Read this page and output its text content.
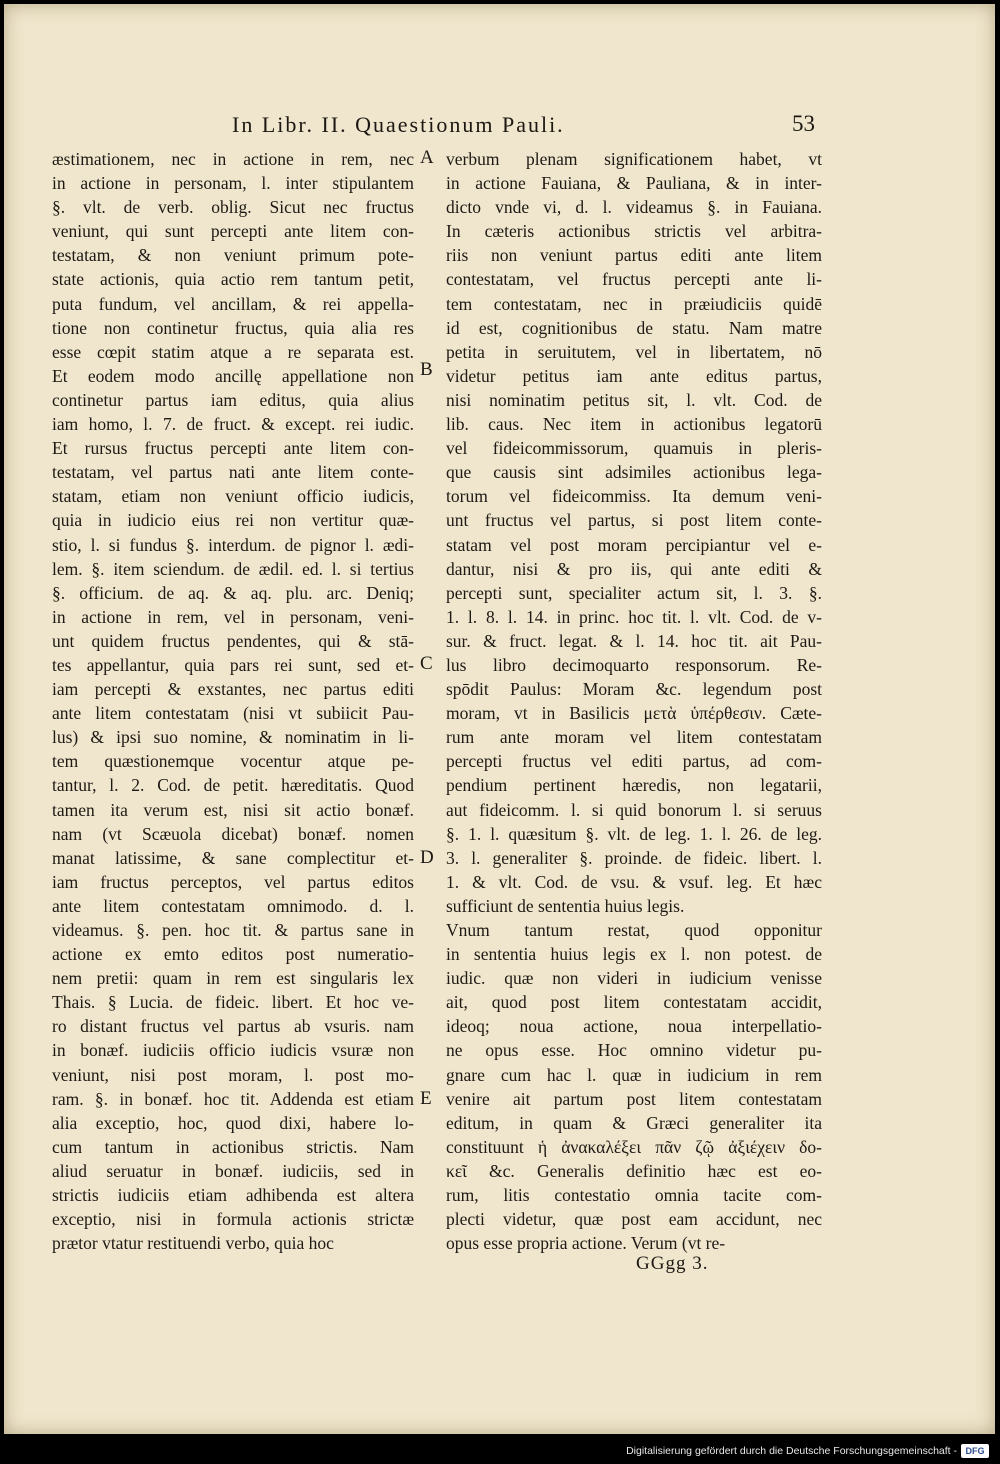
In Libr. II. Quaestionum Pauli.	53
æstimationem, nec in actione in rem, nec
in actione in personam, l. inter stipulantem
§. vlt. de verb. oblig. Sicut nec fructus
veniunt, qui sunt percepti ante litem con-
testatam, & non veniunt primum pote-
state actionis, quia actio rem tantum petit,
puta fundum, vel ancillam, & rei appella-
tione non continetur fructus, quia alia res
esse cœpit statim atque a re separata est.
Et eodem modo ancillę appellatione non
continetur partus iam editus, quia alius
iam homo, l. 7. de fruct. & except. rei iudic.
Et rursus fructus percepti ante litem con-
testatam, vel partus nati ante litem conte-
statam, etiam non veniunt officio iudicis,
quia in iudicio eius rei non vertitur quæ-
stio, l. si fundus §. interdum. de pignor l. ædi-
lem. §. item sciendum. de ædil. ed. l. si tertius
§. officium. de aq. & aq. plu. arc. Deniq;
in actione in rem, vel in personam, veni-
unt quidem fructus pendentes, qui & stā-
tes appellantur, quia pars rei sunt, sed et-
iam percepti & exstantes, nec partus editi
ante litem contestatam (nisi vt subiicit Pau-
lus) & ipsi suo nomine, & nominatim in li-
tem quæstionemque vocentur atque pe-
tantur, l. 2. Cod. de petit. hæreditatis. Quod
tamen ita verum est, nisi sit actio bonæf.
nam (vt Scæuola dicebat) bonæf. nomen
manat latissime, & sane complectitur et-
iam fructus perceptos, vel partus editos
ante litem contestatam omnimodo. d. l.
videamus. §. pen. hoc tit. & partus sane in
actione ex emto editos post numeratio-
nem pretii: quam in rem est singularis lex
Thais. § Lucia. de fideic. libert. Et hoc ve-
ro distant fructus vel partus ab vsuris. nam
in bonæf. iudiciis officio iudicis vsuræ non
veniunt, nisi post moram, l. post mo-
ram. §. in bonæf. hoc tit. Addenda est etiam
alia exceptio, hoc, quod dixi, habere lo-
cum tantum in actionibus strictis. Nam
aliud seruatur in bonæf. iudiciis, sed in
strictis iudiciis etiam adhibenda est altera
exceptio, nisi in formula actionis strictæ
prætor vtatur restituendi verbo, quia hoc
verbum plenam significationem habet, vt
in actione Fauiana, & Pauliana, & in inter-
dicto vnde vi, d. l. videamus §. in Fauiana.
In cæteris actionibus strictis vel arbitra-
riis non veniunt partus editi ante litem
contestatam, vel fructus percepti ante li-
tem contestatam, nec in præiudiciis quidē
id est, cognitionibus de statu. Nam matre
petita in seruitutem, vel in libertatem, nō
videtur petitus iam ante editus partus,
nisi nominatim petitus sit, l. vlt. Cod. de
lib. caus. Nec item in actionibus legatorū
vel fideicommissorum, quamuis in pleris-
que causis sint adsimiles actionibus lega-
torum vel fideicommiss. Ita demum veni-
unt fructus vel partus, si post litem conte-
statam vel post moram percipiantur vel e-
dantur, nisi & pro iis, qui ante editi &
percepti sunt, specialiter actum sit, l. 3. §.
1. l. 8. l. 14. in princ. hoc tit. l. vlt. Cod. de v-
sur. & fruct. legat. & l. 14. hoc tit. ait Pau-
lus libro decimoquarto responsorum. Re-
spōdit Paulus: Moram &c. legendum post
moram, vt in Basilicis μετὰ ὑπέρθεσιν. Cæte-
rum ante moram vel litem contestatam
percepti fructus vel editi partus, ad com-
pendium pertinent hæredis, non legatarii,
aut fideicomm. l. si quid bonorum l. si seruus
§. 1. l. quæsitum §. vlt. de leg. 1. l. 26. de leg.
3. l. generaliter §. proinde. de fideic. libert. l.
1. & vlt. Cod. de vsu. & vsuf. leg. Et hæc
sufficiunt de sententia huius legis.
Vnum tantum restat, quod opponitur
in sententia huius legis ex l. non potest. de
iudic. quæ non videri in iudicium venisse
ait, quod post litem contestatam accidit,
ideoq; noua actione, noua interpellatio-
ne opus esse. Hoc omnino videtur pu-
gnare cum hac l. quæ in iudicium in rem
venire ait partum post litem contestatam
editum, in quam & Græci generaliter ita
constituunt ἡ ἀνακαλέξει πᾶν ζῷ ἀξιέχειν δο-
κεῖ &c. Generalis definitio hæc est eo-
rum, litis contestatio omnia tacite com-
plecti videtur, quæ post eam accidunt, nec
opus esse propria actione. Verum (vt re-
A
B
C
D
E
GGgg 3.
Digitalisierung gefördert durch die Deutsche Forschungsgemeinschaft - DFG
